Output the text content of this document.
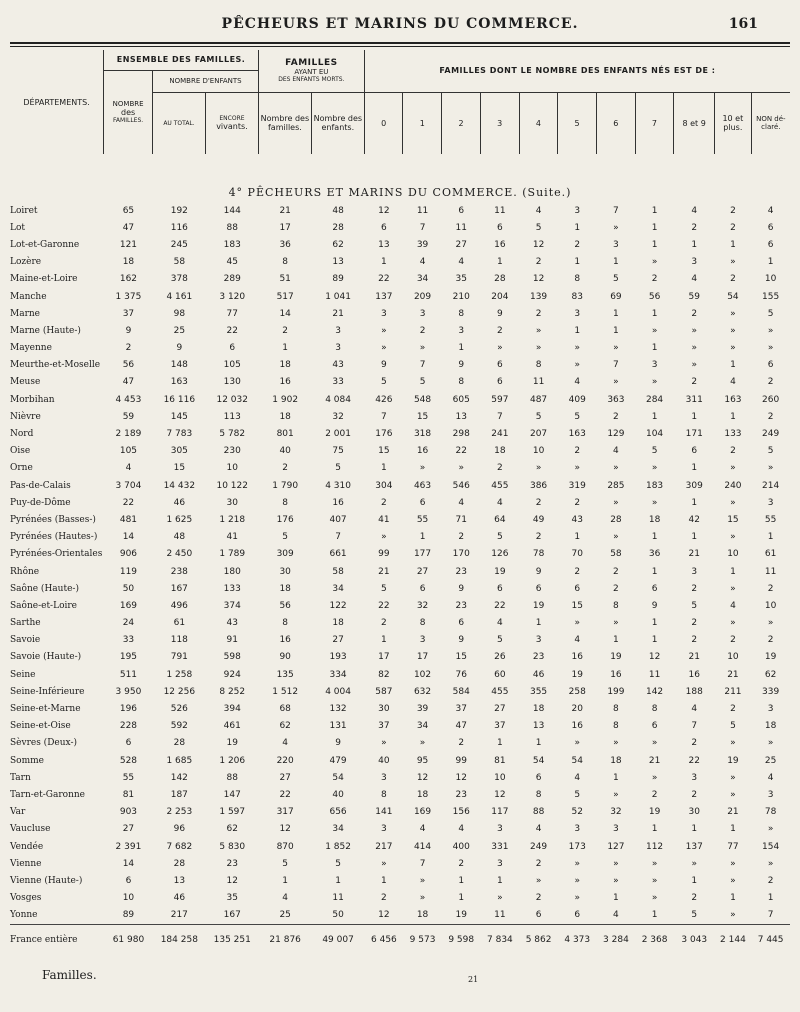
PÊCHEURS ET MARINS DU COMMERCE.	161
DÉPARTEMENTS.	ENSEMBLE DES FAMILLES.			FAMILLES
AYANT EU
DES ENFANTS MORTS.		FAMILLES DONT LE NOMBRE DES ENFANTS NÉS EST DE :										

	NOMBRE
des
FAMILLES.	NOMBRE D'ENFANTS														
		AU TOTAL.	ENCORE
vivants.	Nombre des familles.	Nombre des enfants.	0	1	2	3	4	5	6	7	8 et 9	10 et plus.	NON dé-claré.
4° PÊCHEURS ET MARINS DU COMMERCE. (Suite.)
Loiret	65	192	144	21	48	12	11	6	11	4	3	7	1	4	2	4
Lot	47	116	88	17	28	6	7	11	6	5	1	»	1	2	2	6
Lot-et-Garonne	121	245	183	36	62	13	39	27	16	12	2	3	1	1	1	6
Lozère	18	58	45	8	13	1	4	4	1	2	1	1	»	3	»	1
Maine-et-Loire	162	378	289	51	89	22	34	35	28	12	8	5	2	4	2	10
Manche	1 375	4 161	3 120	517	1 041	137	209	210	204	139	83	69	56	59	54	155
Marne	37	98	77	14	21	3	3	8	9	2	3	1	1	2	»	5
Marne (Haute-)	9	25	22	2	3	»	2	3	2	»	1	1	»	»	»	»
Mayenne	2	9	6	1	3	»	»	1	»	»	»	»	1	»	»	»
Meurthe-et-Moselle	56	148	105	18	43	9	7	9	6	8	»	7	3	»	1	6
Meuse	47	163	130	16	33	5	5	8	6	11	4	»	»	2	4	2
Morbihan	4 453	16 116	12 032	1 902	4 084	426	548	605	597	487	409	363	284	311	163	260
Nièvre	59	145	113	18	32	7	15	13	7	5	5	2	1	1	1	2
Nord	2 189	7 783	5 782	801	2 001	176	318	298	241	207	163	129	104	171	133	249
Oise	105	305	230	40	75	15	16	22	18	10	2	4	5	6	2	5
Orne	4	15	10	2	5	1	»	»	2	»	»	»	»	1	»	»
Pas-de-Calais	3 704	14 432	10 122	1 790	4 310	304	463	546	455	386	319	285	183	309	240	214
Puy-de-Dôme	22	46	30	8	16	2	6	4	4	2	2	»	»	1	»	3
Pyrénées (Basses-)	481	1 625	1 218	176	407	41	55	71	64	49	43	28	18	42	15	55
Pyrénées (Hautes-)	14	48	41	5	7	»	1	2	5	2	1	»	1	1	»	1
Pyrénées-Orientales	906	2 450	1 789	309	661	99	177	170	126	78	70	58	36	21	10	61
Rhône	119	238	180	30	58	21	27	23	19	9	2	2	1	3	1	11
Saône (Haute-)	50	167	133	18	34	5	6	9	6	6	6	2	6	2	»	2
Saône-et-Loire	169	496	374	56	122	22	32	23	22	19	15	8	9	5	4	10
Sarthe	24	61	43	8	18	2	8	6	4	1	»	»	1	2	»	»
Savoie	33	118	91	16	27	1	3	9	5	3	4	1	1	2	2	2
Savoie (Haute-)	195	791	598	90	193	17	17	15	26	23	16	19	12	21	10	19
Seine	511	1 258	924	135	334	82	102	76	60	46	19	16	11	16	21	62
Seine-Inférieure	3 950	12 256	8 252	1 512	4 004	587	632	584	455	355	258	199	142	188	211	339
Seine-et-Marne	196	526	394	68	132	30	39	37	27	18	20	8	8	4	2	3
Seine-et-Oise	228	592	461	62	131	37	34	47	37	13	16	8	6	7	5	18
Sèvres (Deux-)	6	28	19	4	9	»	»	2	1	1	»	»	»	2	»	»
Somme	528	1 685	1 206	220	479	40	95	99	81	54	54	18	21	22	19	25
Tarn	55	142	88	27	54	3	12	12	10	6	4	1	»	3	»	4
Tarn-et-Garonne	81	187	147	22	40	8	18	23	12	8	5	»	2	2	»	3
Var	903	2 253	1 597	317	656	141	169	156	117	88	52	32	19	30	21	78
Vaucluse	27	96	62	12	34	3	4	4	3	4	3	3	1	1	1	»
Vendée	2 391	7 682	5 830	870	1 852	217	414	400	331	249	173	127	112	137	77	154
Vienne	14	28	23	5	5	»	7	2	3	2	»	»	»	»	»	»
Vienne (Haute-)	6	13	12	1	1	1	»	1	1	»	»	»	»	1	»	2
Vosges	10	46	35	4	11	2	»	1	»	2	»	1	»	2	1	1
Yonne	89	217	167	25	50	12	18	19	11	6	6	4	1	5	»	7
France entière	61 980	184 258	135 251	21 876	49 007	6 456	9 573	9 598	7 834	5 862	4 373	3 284	2 368	3 043	2 144	7 445
Familles.	21
